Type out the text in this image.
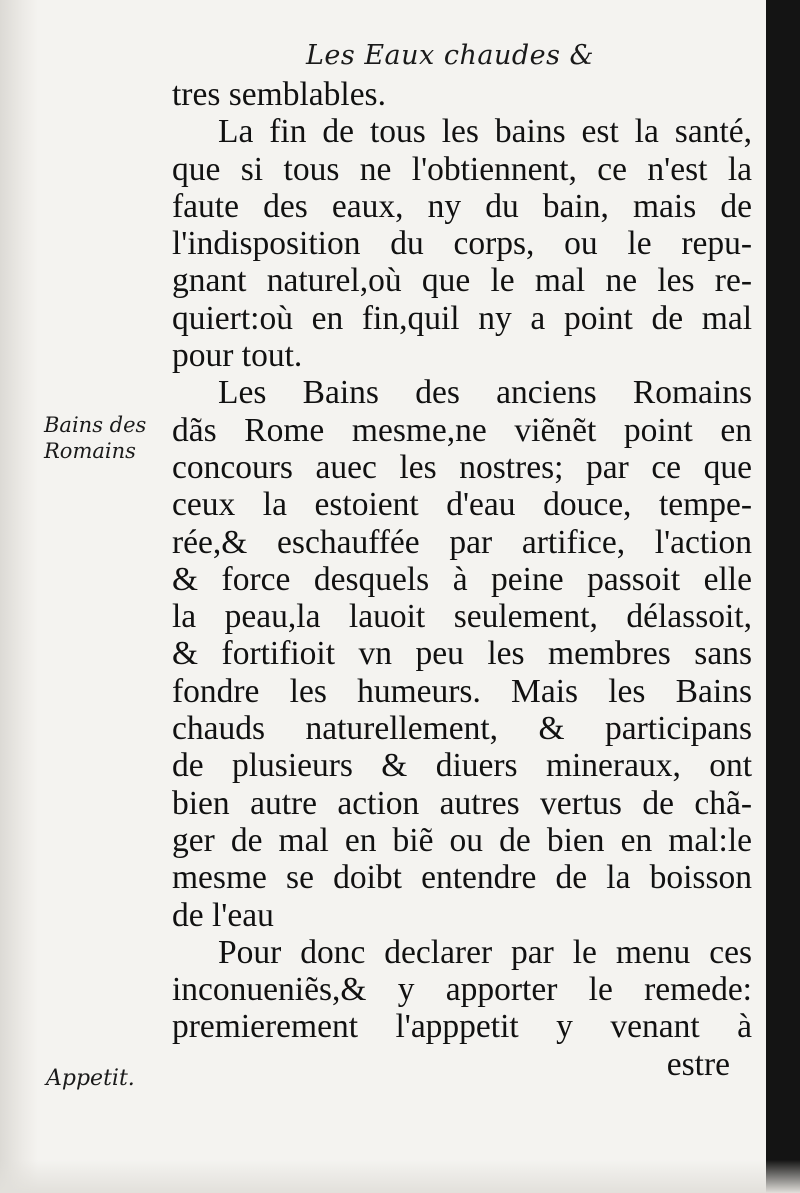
Les Eaux chaudes &
Bains des
Romains
Appetit.
tres semblables.
La fin de tous les bains est la santé,
que si tous ne l'obtiennent, ce n'est la
faute des eaux, ny du bain, mais de
l'indisposition du corps, ou le repu-
gnant naturel,où que le mal ne les re-
quiert:où en fin,quil ny a point de mal
pour tout.
Les Bains des anciens Romains
dãs Rome mesme,ne viẽnẽt point en
concours auec les nostres; par ce que
ceux la estoient d'eau douce, tempe-
rée,& eschauffée par artifice, l'action
& force desquels à peine passoit elle
la peau,la lauoit seulement, délassoit,
& fortifioit vn peu les membres sans
fondre les humeurs. Mais les Bains
chauds naturellement, & participans
de plusieurs & diuers mineraux, ont
bien autre action autres vertus de chã-
ger de mal en biẽ ou de bien en mal:le
mesme se doibt entendre de la boisson
de l'eau
Pour donc declarer par le menu ces
inconueniẽs,& y apporter le remede:
premierement l'apppetit y venant à
estre
